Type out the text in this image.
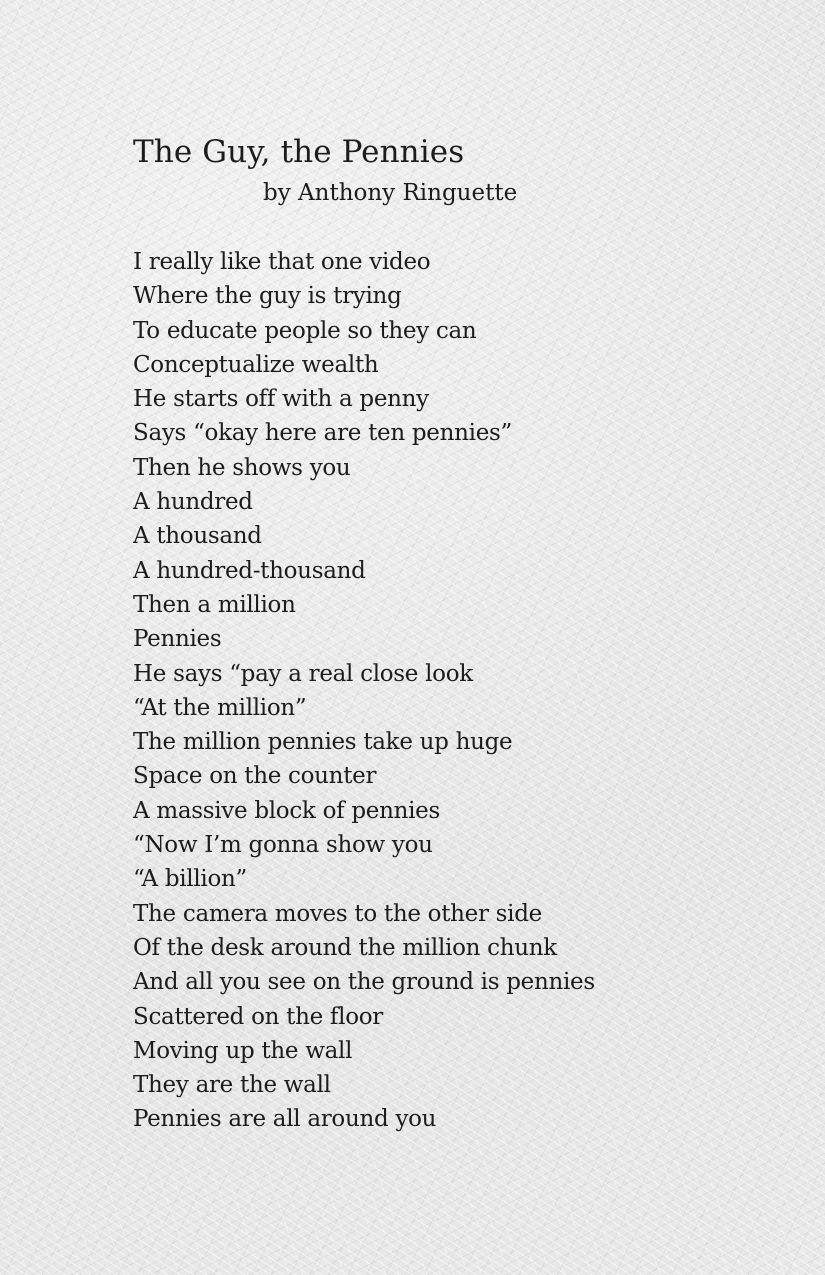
The Guy, the Pennies
by Anthony Ringuette
I really like that one video
Where the guy is trying
To educate people so they can
Conceptualize wealth
He starts off with a penny
Says “okay here are ten pennies”
Then he shows you
A hundred
A thousand
A hundred-thousand
Then a million
Pennies
He says “pay a real close look
“At the million”
The million pennies take up huge
Space on the counter
A massive block of pennies
“Now I’m gonna show you
“A billion”
The camera moves to the other side
Of the desk around the million chunk
And all you see on the ground is pennies
Scattered on the floor
Moving up the wall
They are the wall
Pennies are all around you
